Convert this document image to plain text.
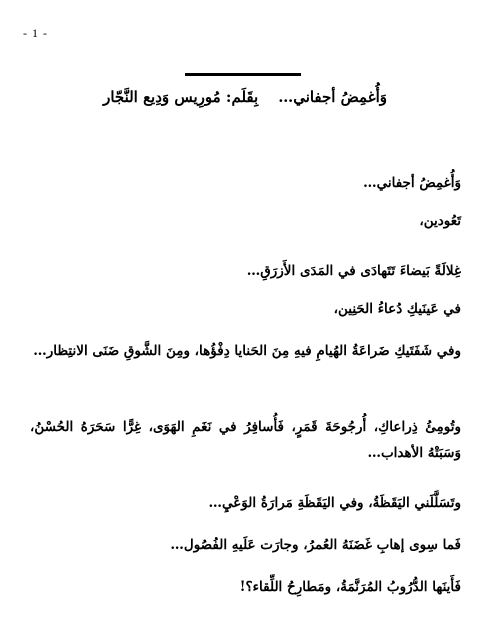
- 1 -
وَأُغمِضُ أجفاني…بِقَلَم: مُورِيس وَدِيع النَّجّار

وَأُغمِضُ أجفاني…

تَعُودين،

غِلالَةً بَيضاءَ تَتَهادَى في المَدَى الأَزرَقِ…

في عَينَيكِ دُعاءُ الحَنِين،

وفي شَفَتَيكِ ضَراعَةُ الهُيامِ فيهِ مِنَ الحَنايا دِفْؤُها، ومِنَ الشَّوقِ ضَنَى الانتِظار…

وتُومِئُ ذِراعاكِ، أُرجُوحَةَ قَمَرٍ، فَأُسافِرُ في نَغَمِ الهَوَى، غِرًّا سَحَرَهُ الحُسْنُ، وَسَبَتْهُ الأهداب…

وتَسَلَّلَني اليَقَظَةُ، وفي اليَقَظَةِ مَرارَةُ الوَعْيِ…

فَما سِوى إهابِ غَضَنَهُ العُمرُ، وجارَت عَلَيهِ الفُصُول…

فَأَينَها الدُّرُوبُ المُرَنَّمَةُ، ومَطارِحُ اللِّقاء؟!
